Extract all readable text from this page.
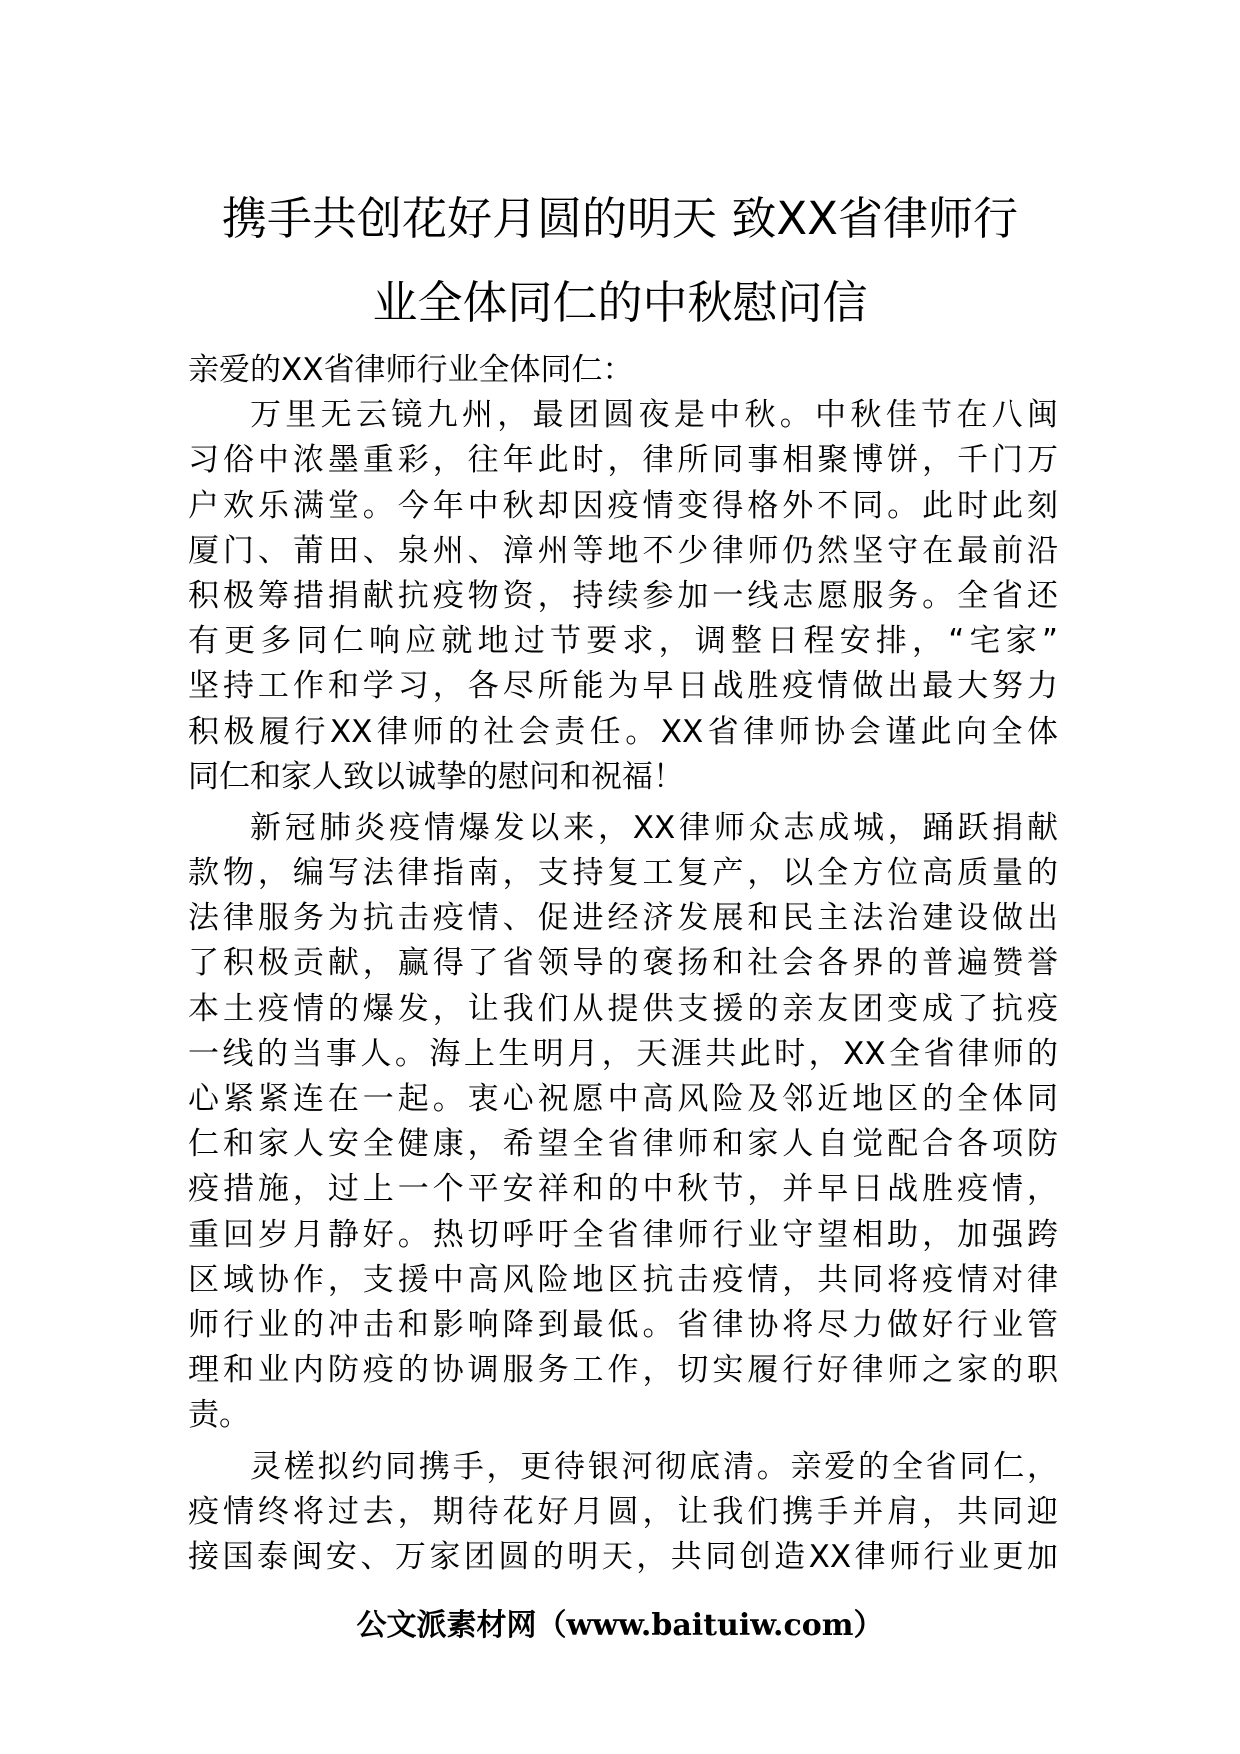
携手共创花好月圆的明天 致XX省律师行
业全体同仁的中秋慰问信
亲爱的XX省律师行业全体同仁：
万里无云镜九州，最团圆夜是中秋。中秋佳节在八闽
习俗中浓墨重彩，往年此时，律所同事相聚博饼，千门万
户欢乐满堂。今年中秋却因疫情变得格外不同。此时此刻
厦门、莆田、泉州、漳州等地不少律师仍然坚守在最前沿
积极筹措捐献抗疫物资，持续参加一线志愿服务。全省还
有更多同仁响应就地过节要求，调整日程安排，“宅家”
坚持工作和学习，各尽所能为早日战胜疫情做出最大努力
积极履行XX律师的社会责任。XX省律师协会谨此向全体
同仁和家人致以诚挚的慰问和祝福！
新冠肺炎疫情爆发以来，XX律师众志成城，踊跃捐献
款物，编写法律指南，支持复工复产，以全方位高质量的
法律服务为抗击疫情、促进经济发展和民主法治建设做出
了积极贡献，赢得了省领导的褒扬和社会各界的普遍赞誉
本土疫情的爆发，让我们从提供支援的亲友团变成了抗疫
一线的当事人。海上生明月，天涯共此时，XX全省律师的
心紧紧连在一起。衷心祝愿中高风险及邻近地区的全体同
仁和家人安全健康，希望全省律师和家人自觉配合各项防
疫措施，过上一个平安祥和的中秋节，并早日战胜疫情，
重回岁月静好。热切呼吁全省律师行业守望相助，加强跨
区域协作，支援中高风险地区抗击疫情，共同将疫情对律
师行业的冲击和影响降到最低。省律协将尽力做好行业管
理和业内防疫的协调服务工作，切实履行好律师之家的职
责。
灵槎拟约同携手，更待银河彻底清。亲爱的全省同仁，
疫情终将过去，期待花好月圆，让我们携手并肩，共同迎
接国泰闽安、万家团圆的明天，共同创造XX律师行业更加
公文派素材网（www.baituiw.com）
